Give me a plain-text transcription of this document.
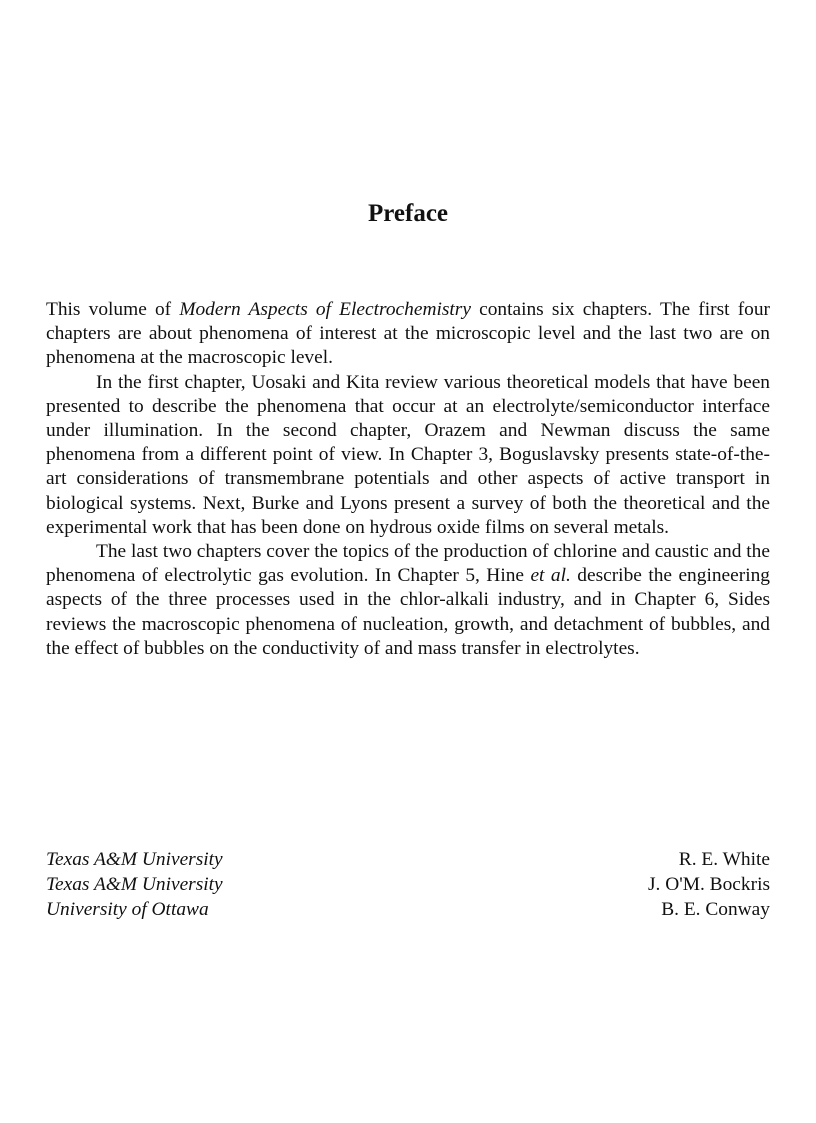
Preface

This volume of Modern Aspects of Electrochemistry contains six chapters. The first four chapters are about phenomena of interest at the microscopic level and the last two are on phenomena at the macroscopic level.

In the first chapter, Uosaki and Kita review various theoretical models that have been presented to describe the phenomena that occur at an electrolyte/semiconductor interface under illumination. In the second chapter, Orazem and Newman discuss the same phenomena from a different point of view. In Chapter 3, Boguslavsky presents state-of-the-art considerations of transmembrane potentials and other aspects of active transport in biological systems. Next, Burke and Lyons present a survey of both the theoretical and the experimental work that has been done on hydrous oxide films on several metals.

The last two chapters cover the topics of the production of chlorine and caustic and the phenomena of electrolytic gas evolution. In Chapter 5, Hine et al. describe the engineering aspects of the three processes used in the chlor-alkali industry, and in Chapter 6, Sides reviews the macroscopic phenomena of nucleation, growth, and detachment of bubbles, and the effect of bubbles on the conductivity of and mass transfer in electrolytes.

Texas A&M University	R. E. White
Texas A&M University	J. O'M. Bockris
University of Ottawa	B. E. Conway
